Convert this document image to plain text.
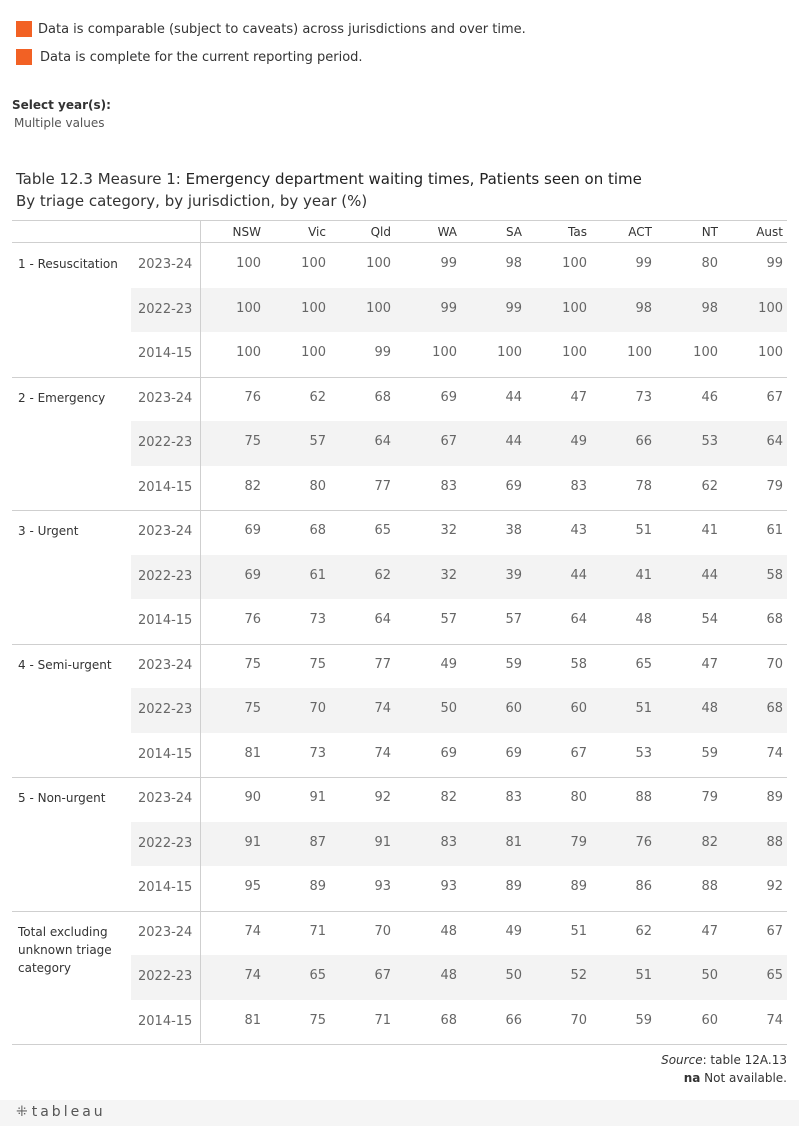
Data is comparable (subject to caveats) across jurisdictions and over time.
Data is complete for the current reporting period.
Select year(s):
Multiple values
Table 12.3 Measure 1: Emergency department waiting times, Patients seen on time
By triage category, by jurisdiction, by year (%)
NSW	Vic	Qld	WA	SA	Tas	ACT	NT	Aust
1 - Resuscitation	2023-24	100	100	100	99	98	100	99	80	99
2022-23	100	100	100	99	99	100	98	98	100
2014-15	100	100	99	100	100	100	100	100	100
2 - Emergency	2023-24	76	62	68	69	44	47	73	46	67
2022-23	75	57	64	67	44	49	66	53	64
2014-15	82	80	77	83	69	83	78	62	79
3 - Urgent	2023-24	69	68	65	32	38	43	51	41	61
2022-23	69	61	62	32	39	44	41	44	58
2014-15	76	73	64	57	57	64	48	54	68
4 - Semi-urgent	2023-24	75	75	77	49	59	58	65	47	70
2022-23	75	70	74	50	60	60	51	48	68
2014-15	81	73	74	69	69	67	53	59	74
5 - Non-urgent	2023-24	90	91	92	82	83	80	88	79	89
2022-23	91	87	91	83	81	79	76	82	88
2014-15	95	89	93	93	89	89	86	88	92
Total excluding unknown triage category
2023-24	74	71	70	48	49	51	62	47	67
2022-23	74	65	67	48	50	52	51	50	65
2014-15	81	75	71	68	66	70	59	60	74
Source: table 12A.13
na Not available.
⁜ tableau
